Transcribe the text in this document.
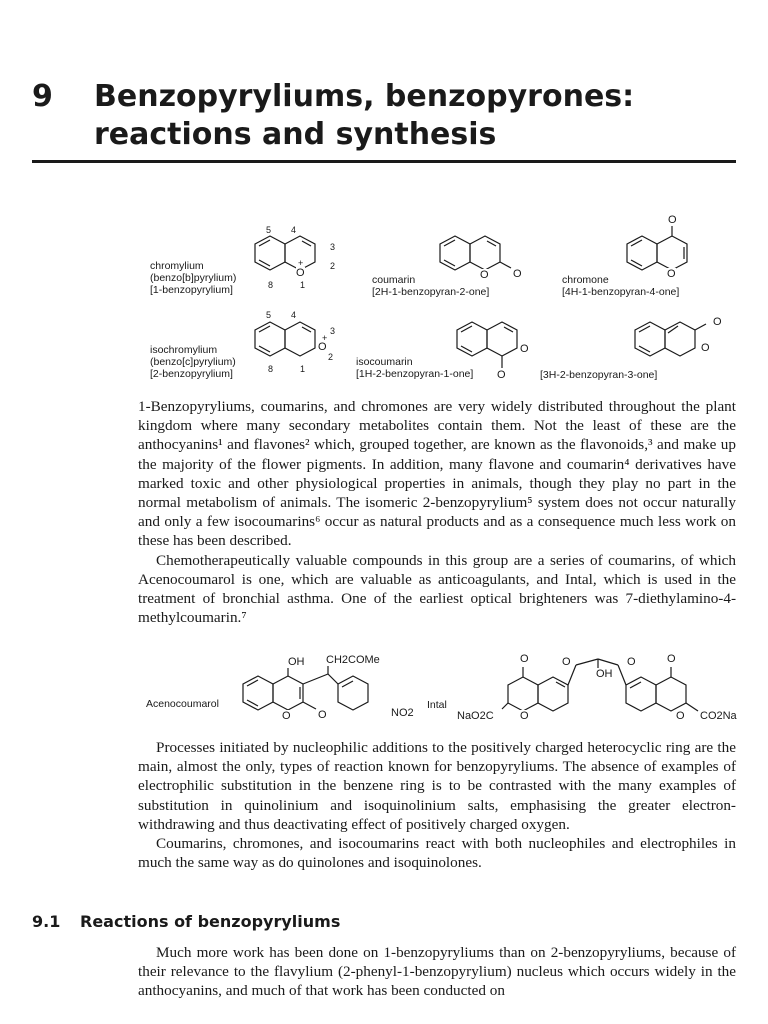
9 Benzopyryliums, benzopyrones: reactions and synthesis
chromylium
(benzo[b]pyrylium)
[1-benzopyrylium]
5 4
3
2
8	1
O
+
O O
coumarin
[2H-1-benzopyran-2-one]
O
O
chromone
[4H-1-benzopyran-4-one]
isochromylium
(benzo[c]pyrylium)
[2-benzopyrylium]
5 4
3
2
8	1
O
+
O
O
isocoumarin
[1H-2-benzopyran-1-one]
O
O
[3H-2-benzopyran-3-one]

1-Benzopyryliums, coumarins, and chromones are very widely distributed throughout the plant kingdom where many secondary metabolites contain them. Not the least of these are the anthocyanins¹ and flavones² which, grouped together, are known as the flavonoids,³ and make up the majority of the flower pigments. In addition, many flavone and coumarin⁴ derivatives have marked toxic and other physiological properties in animals, though they play no part in the normal metabolism of animals. The isomeric 2-benzopyrylium⁵ system does not occur naturally and only a few isocoumarins⁶ occur as natural products and as a consequence much less work on these has been described.

Chemotherapeutically valuable compounds in this group are a series of coumarins, of which Acenocoumarol is one, which are valuable as anticoagulants, and Intal, which is used in the treatment of bronchial asthma. One of the earliest optical brighteners was 7-diethylamino-4-methylcoumarin.⁷

Acenocoumarol
OH CH2COMe
NO2
O O
Intal
O	O	O	O
OH
NaO2C O	O CO2Na

Processes initiated by nucleophilic additions to the positively charged heterocyclic ring are the main, almost the only, types of reaction known for benzopyryliums. The absence of examples of electrophilic substitution in the benzene ring is to be contrasted with the many examples of substitution in quinolinium and isoquinolinium salts, emphasising the greater electron-withdrawing and thus deactivating effect of positively charged oxygen.

Coumarins, chromones, and isocoumarins react with both nucleophiles and electrophiles in much the same way as do quinolones and isoquinolones.

9.1 Reactions of benzopyryliums

Much more work has been done on 1-benzopyryliums than on 2-benzopyryliums, because of their relevance to the flavylium (2-phenyl-1-benzopyrylium) nucleus which occurs widely in the anthocyanins, and much of that work has been conducted on
